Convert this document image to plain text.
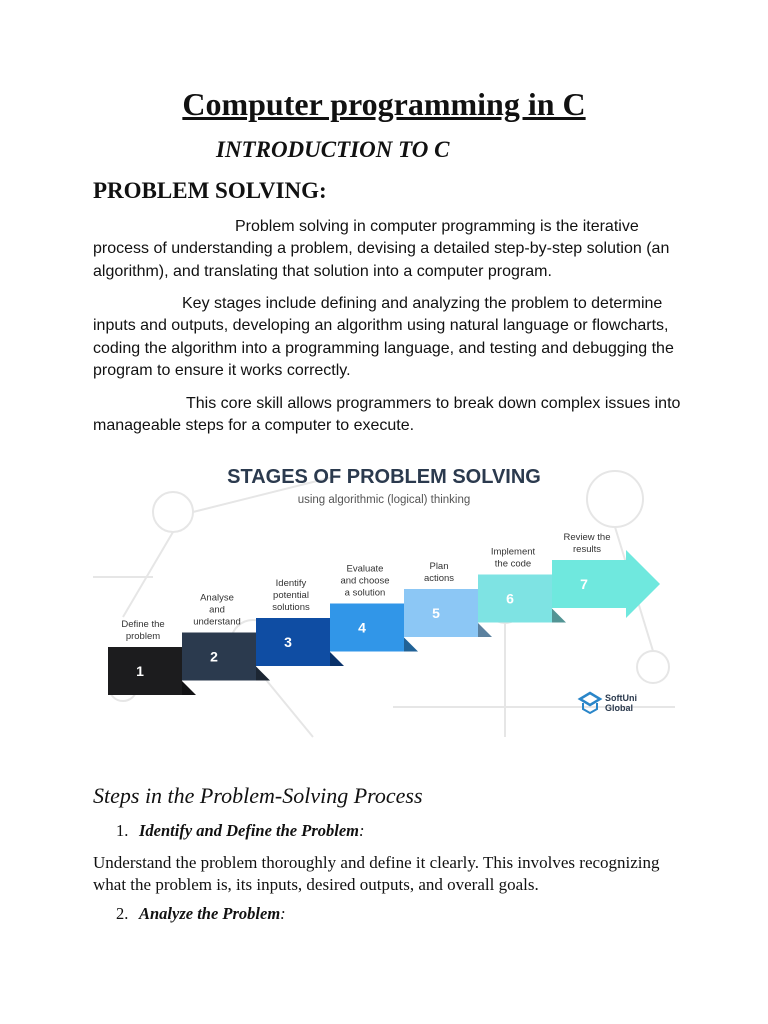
Computer programming in C
INTRODUCTION TO C
PROBLEM SOLVING:

Problem solving in computer programming is the iterative process of understanding a problem, devising a detailed step-by-step solution (an algorithm), and translating that solution into a computer program.

Key stages include defining and analyzing the problem to determine inputs and outputs, developing an algorithm using natural language or flowcharts, coding the algorithm into a programming language, and testing and debugging the program to ensure it works correctly.

This core skill allows programmers to break down complex issues into manageable steps for a computer to execute.

STAGES OF PROBLEM SOLVING
using algorithmic (logical) thinking
1
Define the
problem
2
Analyse
and
understand
3
Identify
potential
solutions
4
Evaluate
and choose
a solution
5
Plan
actions
6
Implement
the code
7
Review the
results
SoftUni
Global
Steps in the Problem-Solving Process
1. Identify and Define the Problem:

Understand the problem thoroughly and define it clearly. This involves recognizing what the problem is, its inputs, desired outputs, and overall goals.

2. Analyze the Problem:
